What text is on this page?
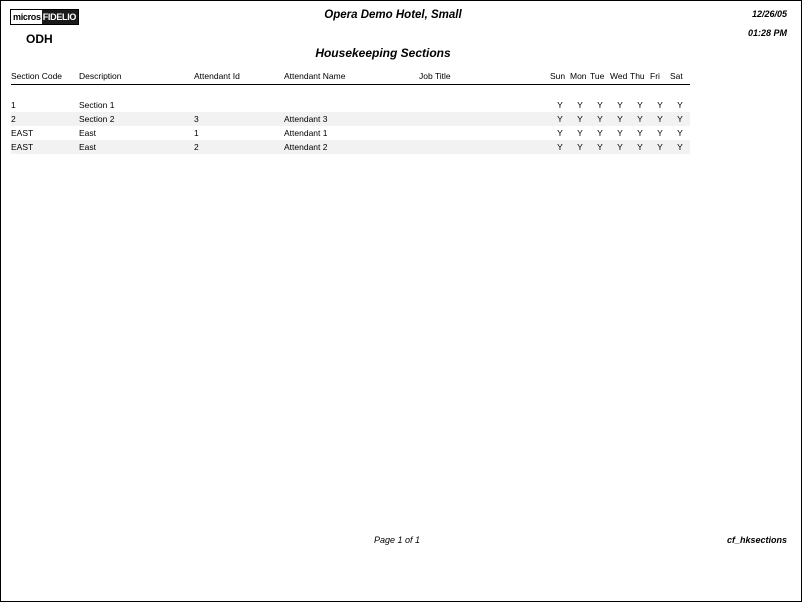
micros FIDELIO
ODH
Opera Demo Hotel, Small	12/26/05
01:28 PM
Housekeeping Sections
Section Code	Description	Attendant Id	Attendant Name	Job Title	Sun	Mon	Tue	Wed	Thu	Fri	Sat

1	Section 1				Y	Y	Y	Y	Y	Y	Y
2	Section 2	3	Attendant 3		Y	Y	Y	Y	Y	Y	Y
EAST	East	1	Attendant 1		Y	Y	Y	Y	Y	Y	Y
EAST	East	2	Attendant 2		Y	Y	Y	Y	Y	Y	Y
Page 1 of 1	cf_hksections
